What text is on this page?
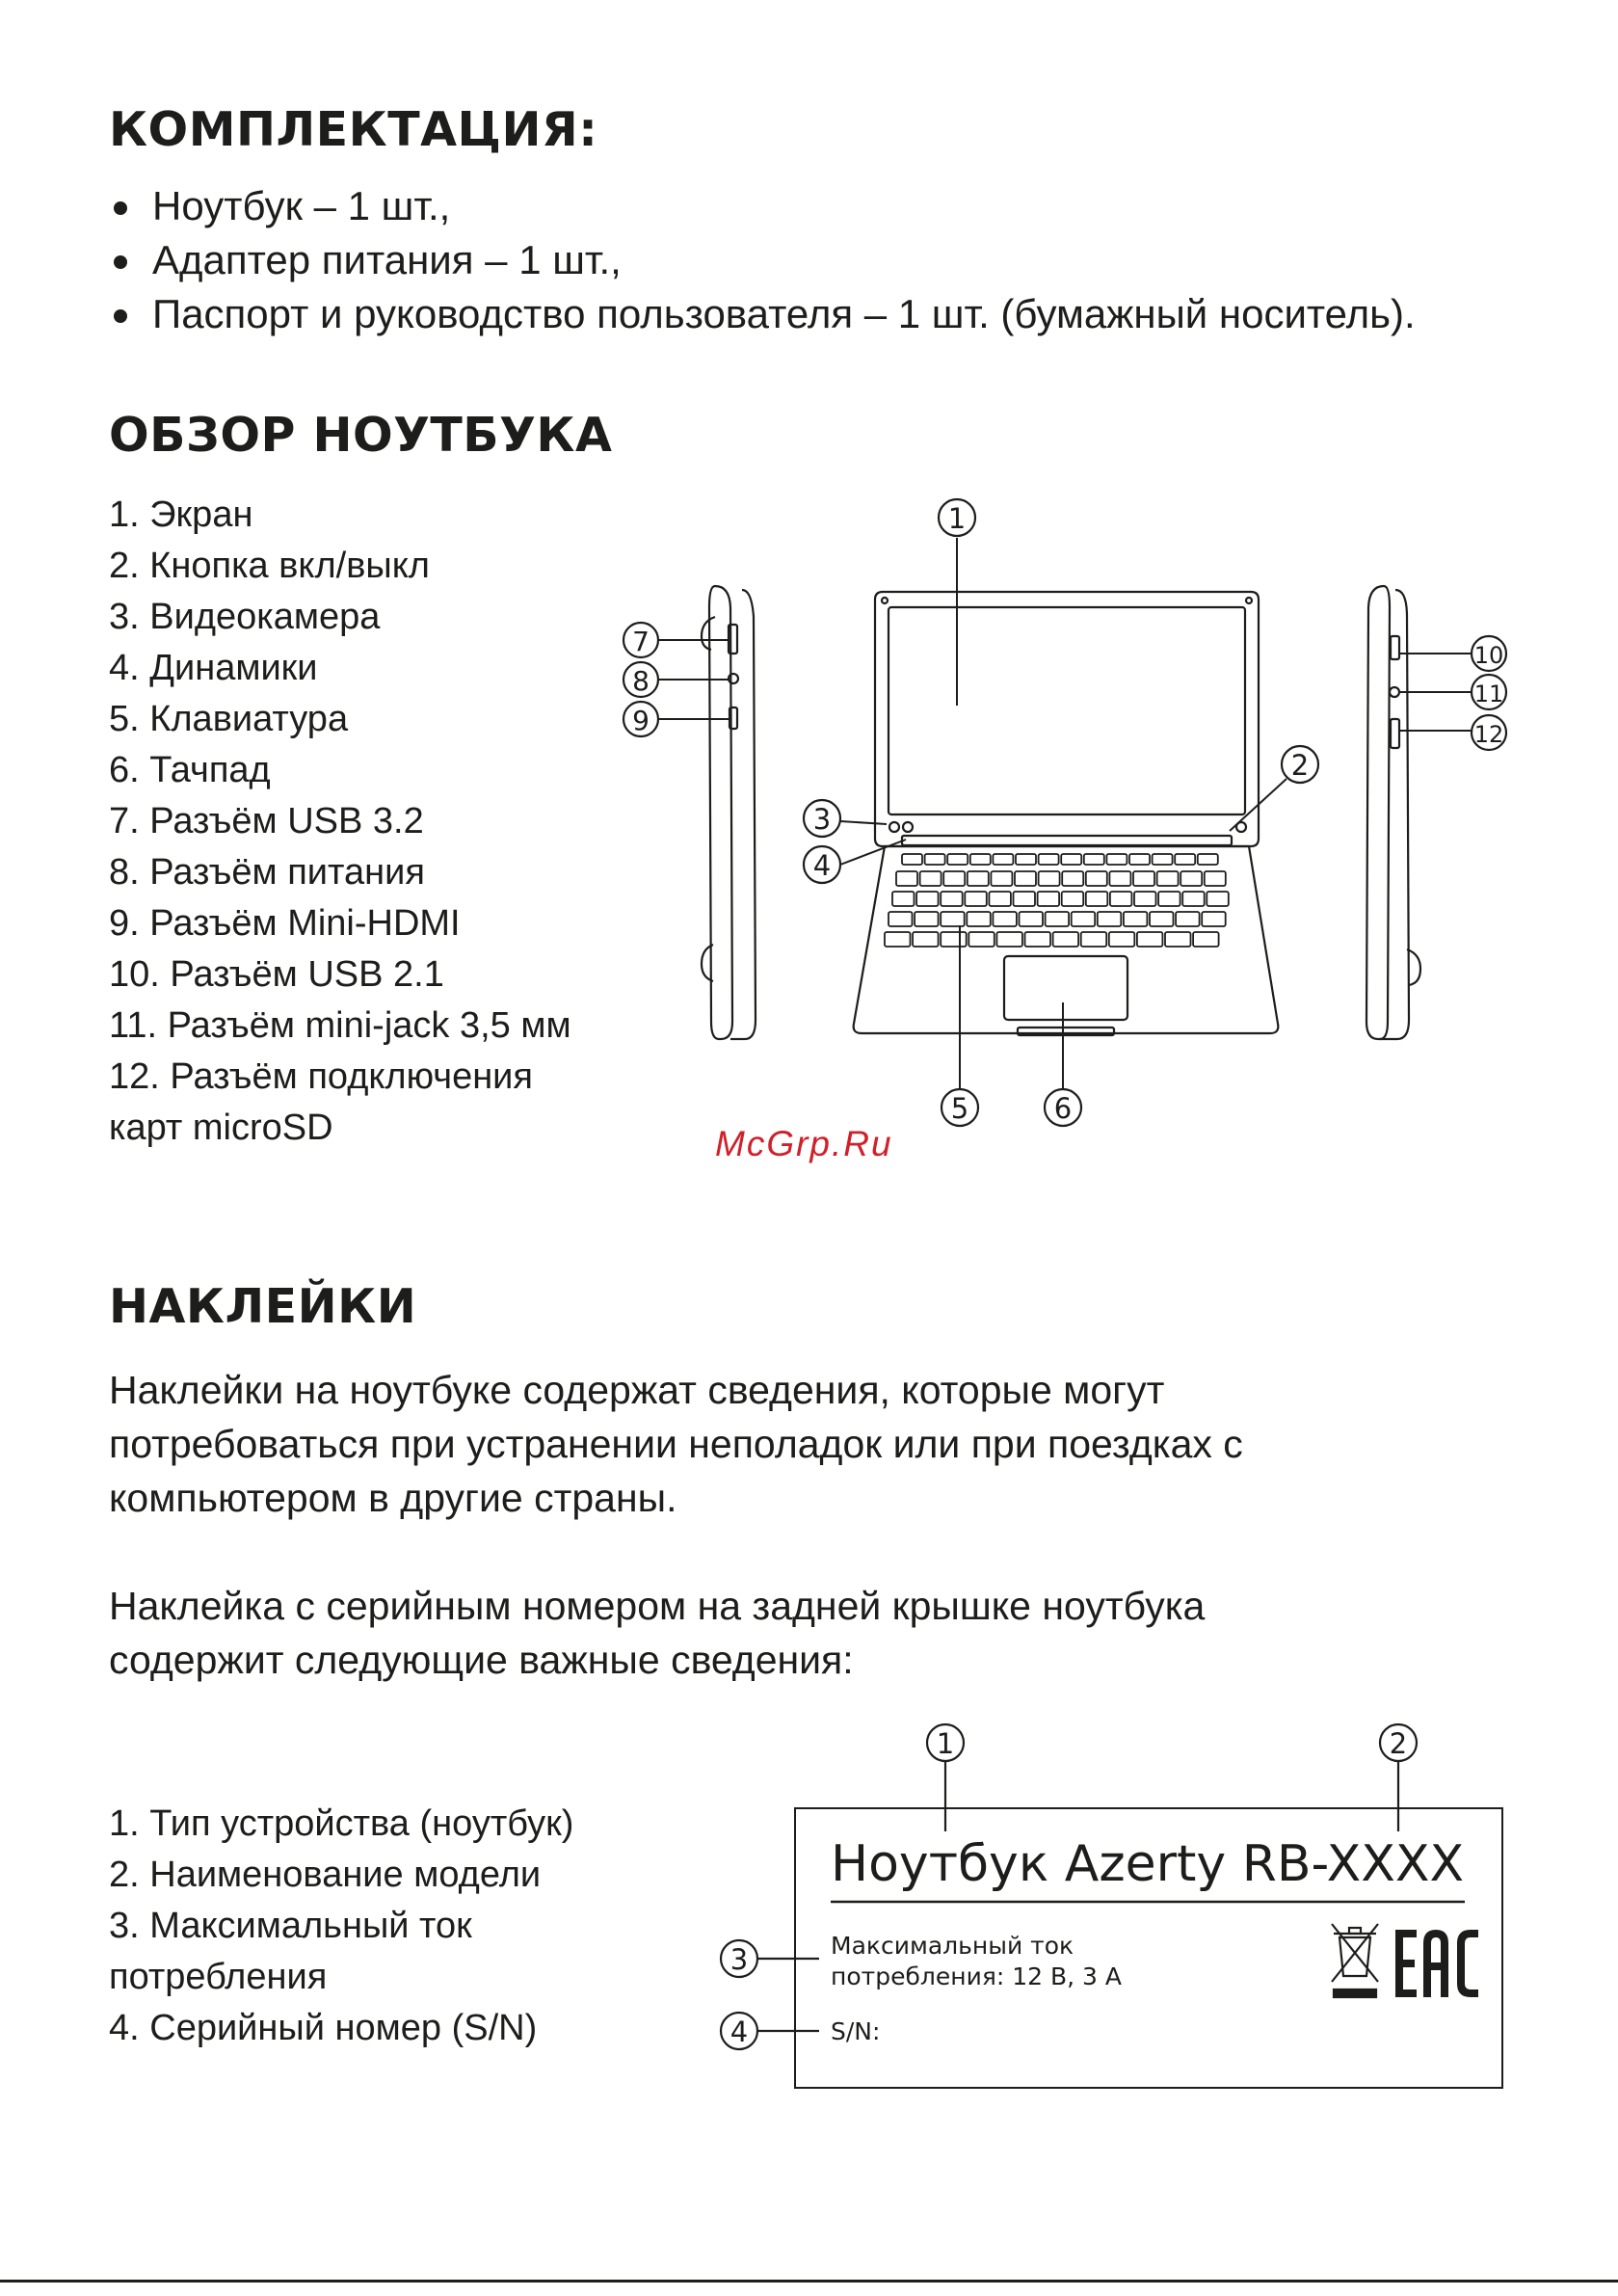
КОМПЛЕКТАЦИЯ:
Ноутбук – 1 шт.,
Адаптер питания – 1 шт.,
Паспорт и руководство пользователя – 1 шт. (бумажный носитель).
ОБЗОР НОУТБУКА
1. Экран
2. Кнопка вкл/выкл
3. Видеокамера
4. Динамики
5. Клавиатура
6. Тачпад
7. Разъём USB 3.2
8. Разъём питания
9. Разъём Mini-HDMI
10. Разъём USB 2.1
11. Разъём mini-jack 3,5 мм
12. Разъём подключения
карт microSD
1
2
3
4
5	6
7
8
9
10
11
12
McGrp.Ru
НАКЛЕЙКИ
Наклейки на ноутбуке содержат сведения, которые могут
потребоваться при устранении неполадок или при поездках с
компьютером в другие страны.
Наклейка с серийным номером на задней крышке ноутбука
содержит следующие важные сведения:
1. Тип устройства (ноутбук)
2. Наименование модели
3. Максимальный ток
потребления
4. Серийный номер (S/N)
Ноутбук Azerty RB-XXXX
Максимальный ток
потребления: 12 В, 3 А
S/N:
1	2
3
4
